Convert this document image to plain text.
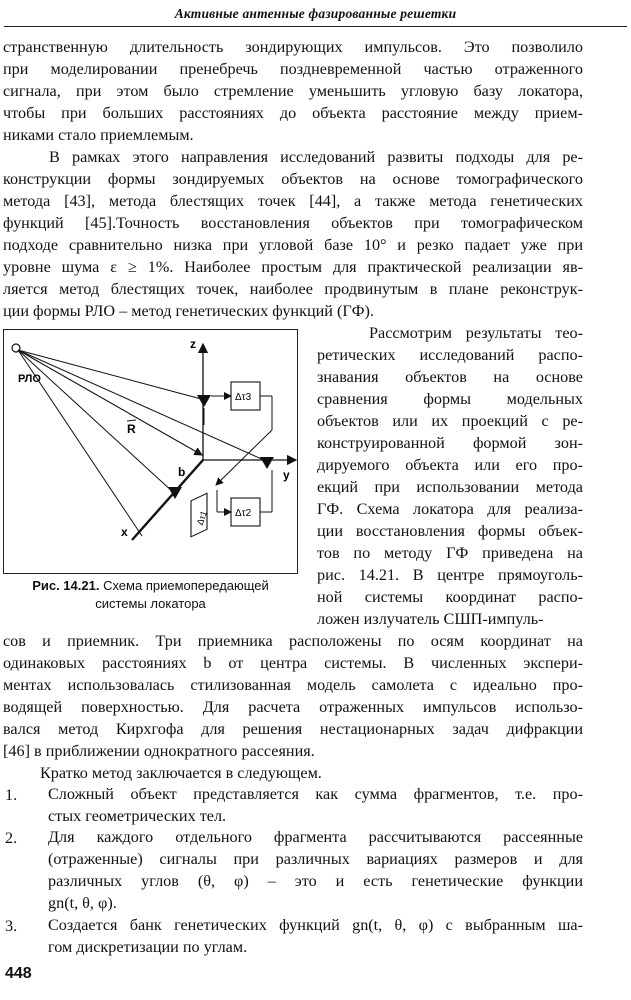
Активные антенные фазированные решетки
странственную длительность зондирующих импульсов. Это позволило
при моделировании пренебречь поздневременной частью отраженного
сигнала, при этом было стремление уменьшить угловую базу локатора,
чтобы при больших расстояниях до объекта расстояние между прием-
никами стало приемлемым.
В рамках этого направления исследований развиты подходы для ре-
конструкции формы зондируемых объектов на основе томографического
метода [43], метода блестящих точек [44], а также метода генетических
функций [45].Точность восстановления объектов при томографическом
подходе сравнительно низка при угловой базе 10° и резко падает уже при
уровне шума ε ≥ 1%. Наиболее простым для практической реализации яв-
ляется метод блестящих точек, наиболее продвинутым в плане реконструк-
ции формы РЛО – метод генетических функций (ГФ).
Рассмотрим результаты тео-
ретических исследований распо-
знавания объектов на основе
сравнения формы модельных
объектов или их проекций с ре-
конструированной формой зон-
дируемого объекта или его про-
екций при использовании метода
ГФ. Схема локатора для реализа-
ции восстановления формы объек-
тов по методу ГФ приведена на
рис. 14.21. В центре прямоуголь-
ной системы координат распо-
ложен излучатель СШП-импуль-
сов и приемник. Три приемника расположены по осям координат на
одинаковых расстояниях b от центра системы. В численных экспери-
ментах использовалась стилизованная модель самолета с идеально про-
водящей поверхностью. Для расчета отраженных импульсов использо-
вался метод Кирхгофа для решения нестационарных задач дифракции
[46] в приближении однократного рассеяния.
Кратко метод заключается в следующем.
1. Сложный объект представляется как сумма фрагментов, т.е. про-
стых геометрических тел.
2. Для каждого отдельного фрагмента рассчитываются рассеянные
(отраженные) сигналы при различных вариациях размеров и для
различных углов (θ, φ) – это и есть генетические функции
gn(t, θ, φ).
3. Создается банк генетических функций gn(t, θ, φ) с выбранным ша-
гом дискретизации по углам.
РЛО
R
z
y
x
b
Δτ3
Δτ2
Δτ1
Рис. 14.21. Схема приемопередающей
системы локатора
448
